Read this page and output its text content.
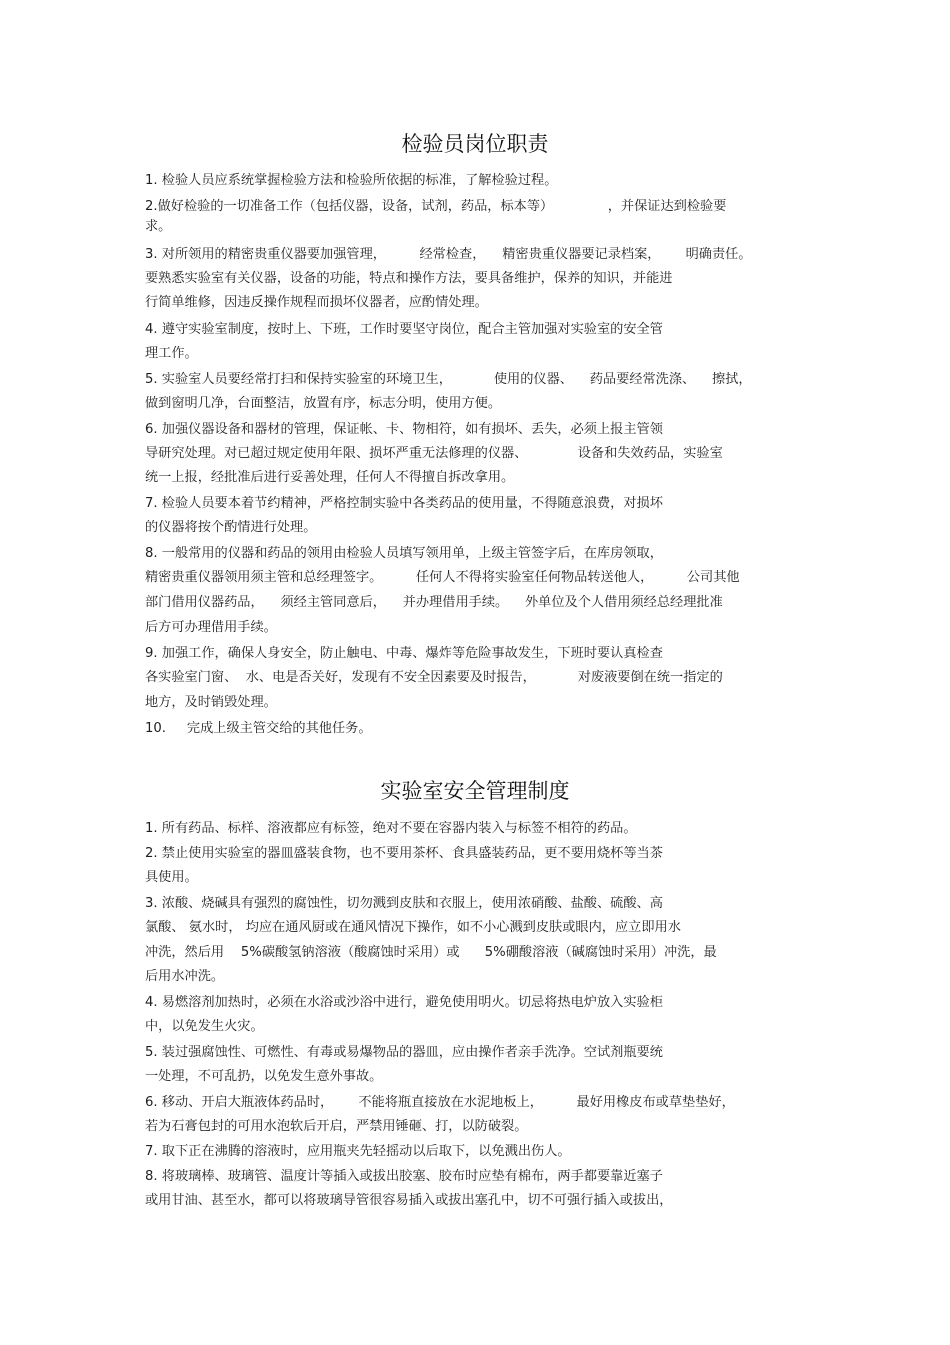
检验员岗位职责
1. 检验人员应系统掌握检验方法和检验所依据的标准，了解检验过程。
2.做好检验的一切准备工作（包括仪器，设备，试剂，药品，标本等）             ，并保证达到检验要
求。
3. 对所领用的精密贵重仪器要加强管理，        经常检查，    精密贵重仪器要记录档案，      明确责任。
要熟悉实验室有关仪器，设备的功能，特点和操作方法，要具备维护，保养的知识，并能进
行简单维修，因违反操作规程而损坏仪器者，应酌情处理。
4. 遵守实验室制度，按时上、下班，工作时要坚守岗位，配合主管加强对实验室的安全管
理工作。
5. 实验室人员要经常打扫和保持实验室的环境卫生，          使用的仪器、    药品要经常洗涤、    擦拭，
做到窗明几净，台面整洁，放置有序，标志分明，使用方便。
6. 加强仪器设备和器材的管理，保证帐、卡、物相符，如有损坏、丢失，必须上报主管领
导研究处理。对已超过规定使用年限、损坏严重无法修理的仪器、            设备和失效药品，实验室
统一上报，经批准后进行妥善处理，任何人不得擅自拆改拿用。
7. 检验人员要本着节约精神，严格控制实验中各类药品的使用量，不得随意浪费，对损坏
的仪器将按个酌情进行处理。
8. 一般常用的仪器和药品的领用由检验人员填写领用单，上级主管签字后，在库房领取，
精密贵重仪器领用须主管和总经理签字。        任何人不得将实验室任何物品转送他人，        公司其他
部门借用仪器药品，    须经主管同意后，    并办理借用手续。    外单位及个人借用须经总经理批准
后方可办理借用手续。
9. 加强工作，确保人身安全，防止触电、中毒、爆炸等危险事故发生，下班时要认真检查
各实验室门窗、  水、电是否关好，发现有不安全因素要及时报告，          对废液要倒在统一指定的
地方，及时销毁处理。
10.     完成上级主管交给的其他任务。
实验室安全管理制度
1. 所有药品、标样、溶液都应有标签，绝对不要在容器内装入与标签不相符的药品。
2. 禁止使用实验室的器皿盛装食物，也不要用茶杯、食具盛装药品，更不要用烧杯等当茶
具使用。
3. 浓酸、烧碱具有强烈的腐蚀性，切勿溅到皮肤和衣服上，使用浓硝酸、盐酸、硫酸、高
氯酸、 氨水时， 均应在通风厨或在通风情况下操作，如不小心溅到皮肤或眼内，应立即用水
冲洗，然后用    5%碳酸氢钠溶液（酸腐蚀时采用）或      5%硼酸溶液（碱腐蚀时采用）冲洗，最
后用水冲洗。
4. 易燃溶剂加热时，必须在水浴或沙浴中进行，避免使用明火。切忌将热电炉放入实验柜
中，以免发生火灾。
5. 装过强腐蚀性、可燃性、有毒或易爆物品的器皿，应由操作者亲手洗净。空试剂瓶要统
一处理，不可乱扔，以免发生意外事故。
6. 移动、开启大瓶液体药品时，      不能将瓶直接放在水泥地板上，        最好用橡皮布或草垫垫好，
若为石膏包封的可用水泡软后开启，严禁用锤砸、打，以防破裂。
7. 取下正在沸腾的溶液时，应用瓶夹先轻摇动以后取下，以免溅出伤人。
8. 将玻璃棒、玻璃管、温度计等插入或拔出胶塞、胶布时应垫有棉布，两手都要靠近塞子
或用甘油、甚至水，都可以将玻璃导管很容易插入或拔出塞孔中，切不可强行插入或拔出，
